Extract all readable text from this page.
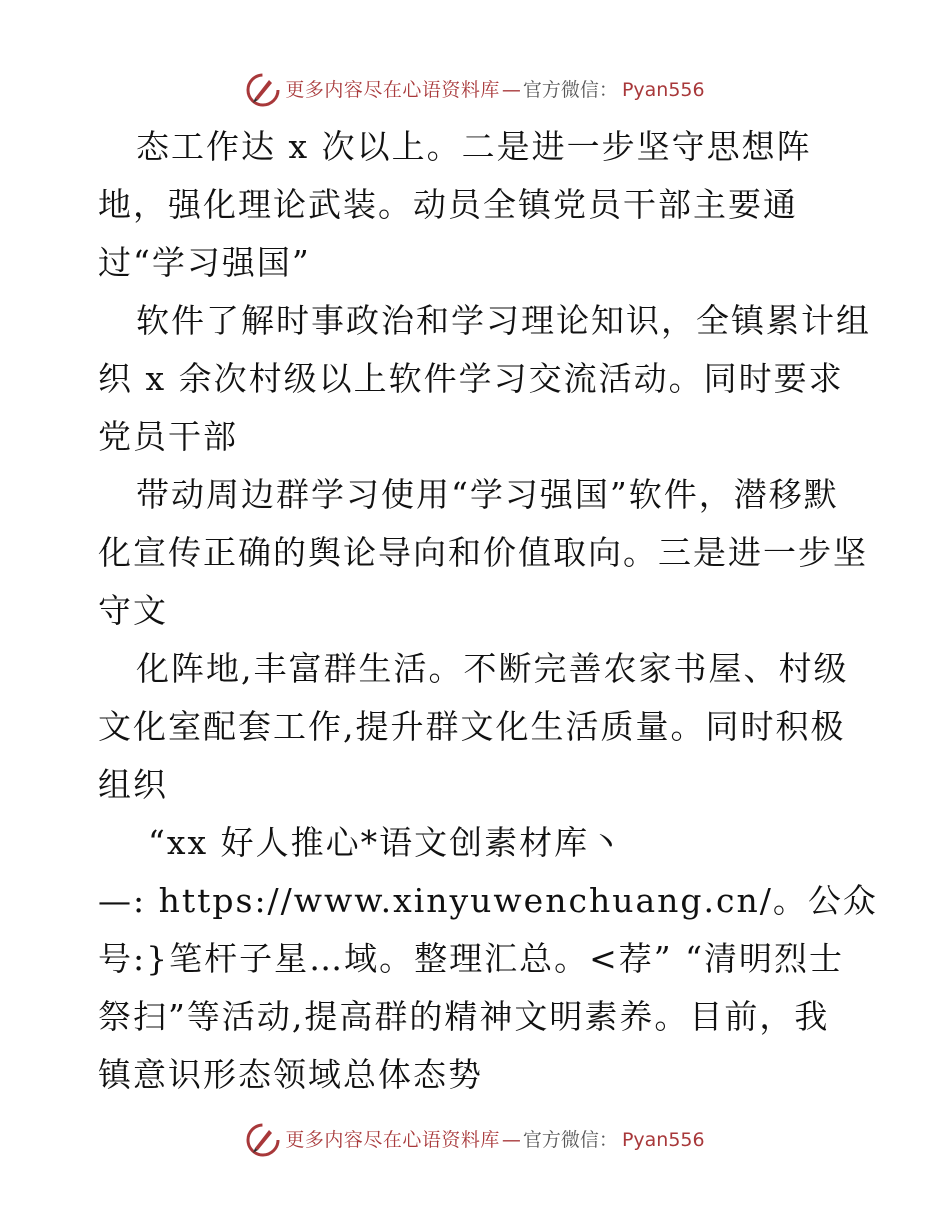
更多内容尽在心语资料库 — 官方微信 ： Pyan556
态工作达 x 次以上。二是进一步坚守思想阵
地，强化理论武装。动员全镇党员干部主要通
过“学习强国”
软件了解时事政治和学习理论知识，全镇累计组
织 x 余次村级以上软件学习交流活动。同时要求
党员干部
带动周边群学习使用“学习强国”软件，潜移默
化宣传正确的舆论导向和价值取向。三是进一步坚
守文
化阵地,丰富群生活。不断完善农家书屋、村级
文化室配套工作,提升群文化生活质量。同时积极
组织
“xx 好人推心*语文创素材库丶
—: https://www.xinyuwenchuang.cn/。公众
号:}笔杆子星…域。整理汇总。<荐” “清明烈士
祭扫”等活动,提高群的精神文明素养。目前，我
镇意识形态领域总体态势
更多内容尽在心语资料库 — 官方微信 ： Pyan556
